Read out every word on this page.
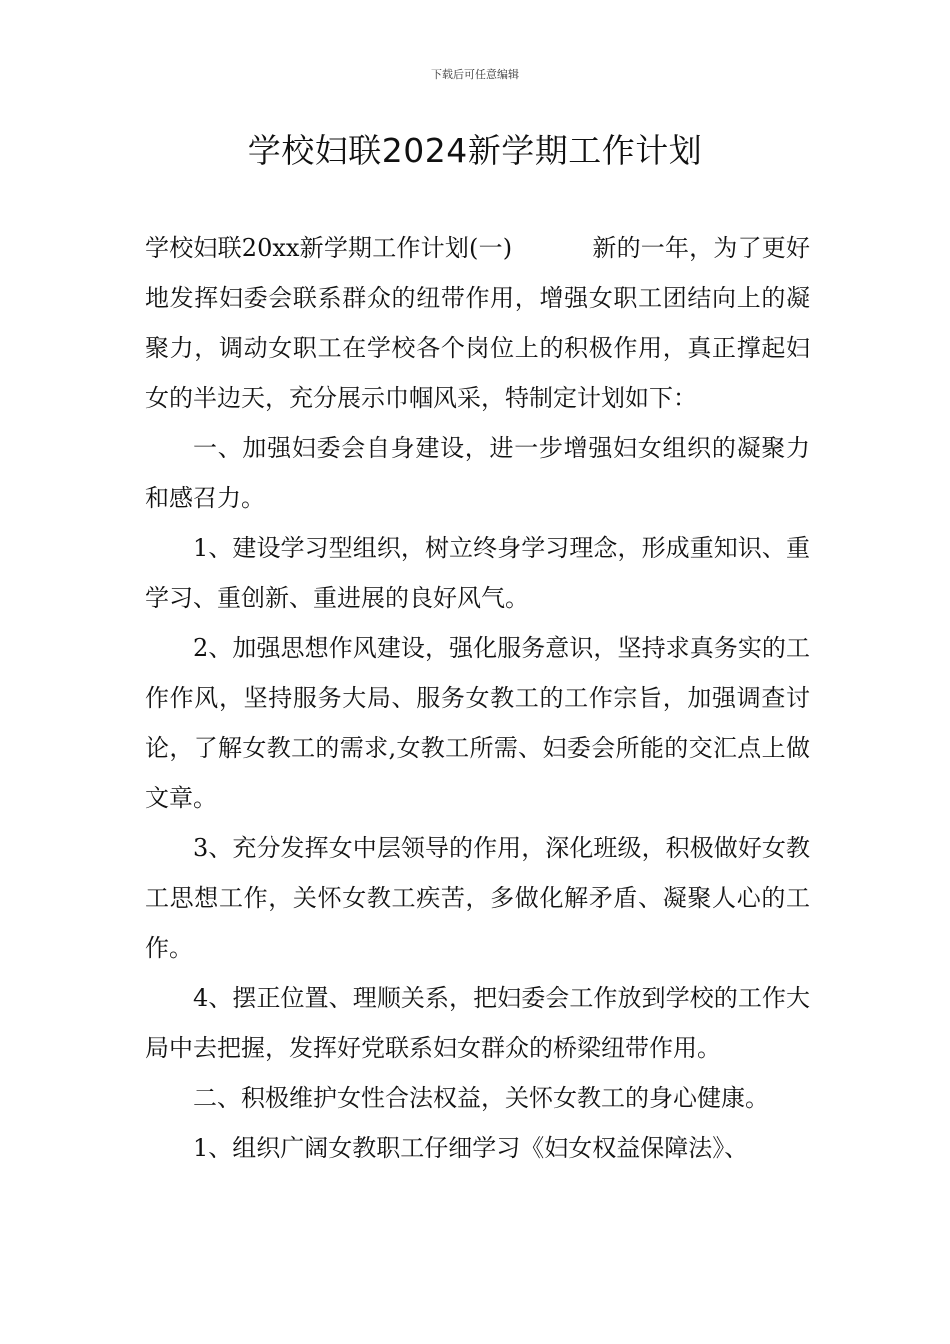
下载后可任意编辑
学校妇联2024新学期工作计划

学校妇联20xx新学期工作计划(一)	新的一年，为了更好地发挥妇委会联系群众的纽带作用，增强女职工团结向上的凝聚力，调动女职工在学校各个岗位上的积极作用，真正撑起妇女的半边天，充分展示巾帼风采，特制定计划如下：

一、加强妇委会自身建设，进一步增强妇女组织的凝聚力和感召力。

1、建设学习型组织，树立终身学习理念，形成重知识、重学习、重创新、重进展的良好风气。

2、加强思想作风建设，强化服务意识，坚持求真务实的工作作风，坚持服务大局、服务女教工的工作宗旨，加强调查讨论，了解女教工的需求,女教工所需、妇委会所能的交汇点上做文章。

3、充分发挥女中层领导的作用，深化班级，积极做好女教工思想工作，关怀女教工疾苦，多做化解矛盾、凝聚人心的工作。

4、摆正位置、理顺关系，把妇委会工作放到学校的工作大局中去把握，发挥好党联系妇女群众的桥梁纽带作用。

二、积极维护女性合法权益，关怀女教工的身心健康。

1、组织广阔女教职工仔细学习《妇女权益保障法》、
